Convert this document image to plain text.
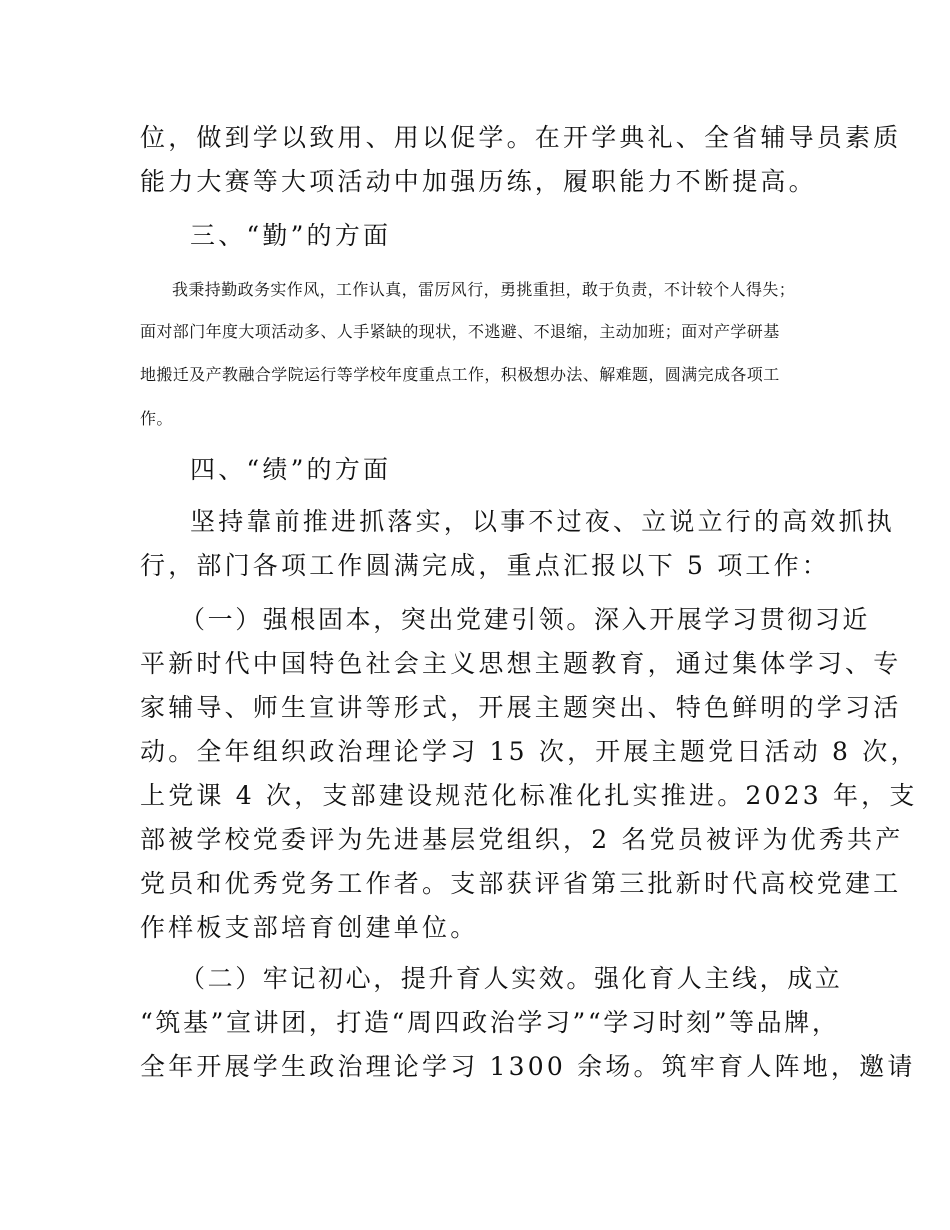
位，做到学以致用、用以促学。在开学典礼、全省辅导员素质

能力大赛等大项活动中加强历练，履职能力不断提高。

三、“勤”的方面

我秉持勤政务实作风，工作认真，雷厉风行，勇挑重担，敢于负责，不计较个人得失；

面对部门年度大项活动多、人手紧缺的现状，不逃避、不退缩，主动加班；面对产学研基

地搬迁及产教融合学院运行等学校年度重点工作，积极想办法、解难题，圆满完成各项工

作。

四、“绩”的方面

坚持靠前推进抓落实，以事不过夜、立说立行的高效抓执

行，部门各项工作圆满完成，重点汇报以下 5 项工作：

（一）强根固本，突出党建引领。深入开展学习贯彻习近

平新时代中国特色社会主义思想主题教育，通过集体学习、专

家辅导、师生宣讲等形式，开展主题突出、特色鲜明的学习活

动。全年组织政治理论学习 15 次，开展主题党日活动 8 次，

上党课 4 次，支部建设规范化标准化扎实推进。2023 年，支

部被学校党委评为先进基层党组织，2 名党员被评为优秀共产

党员和优秀党务工作者。支部获评省第三批新时代高校党建工

作样板支部培育创建单位。

（二）牢记初心，提升育人实效。强化育人主线，成立

“筑基”宣讲团，打造“周四政治学习”“学习时刻”等品牌，

全年开展学生政治理论学习 1300 余场。筑牢育人阵地，邀请
